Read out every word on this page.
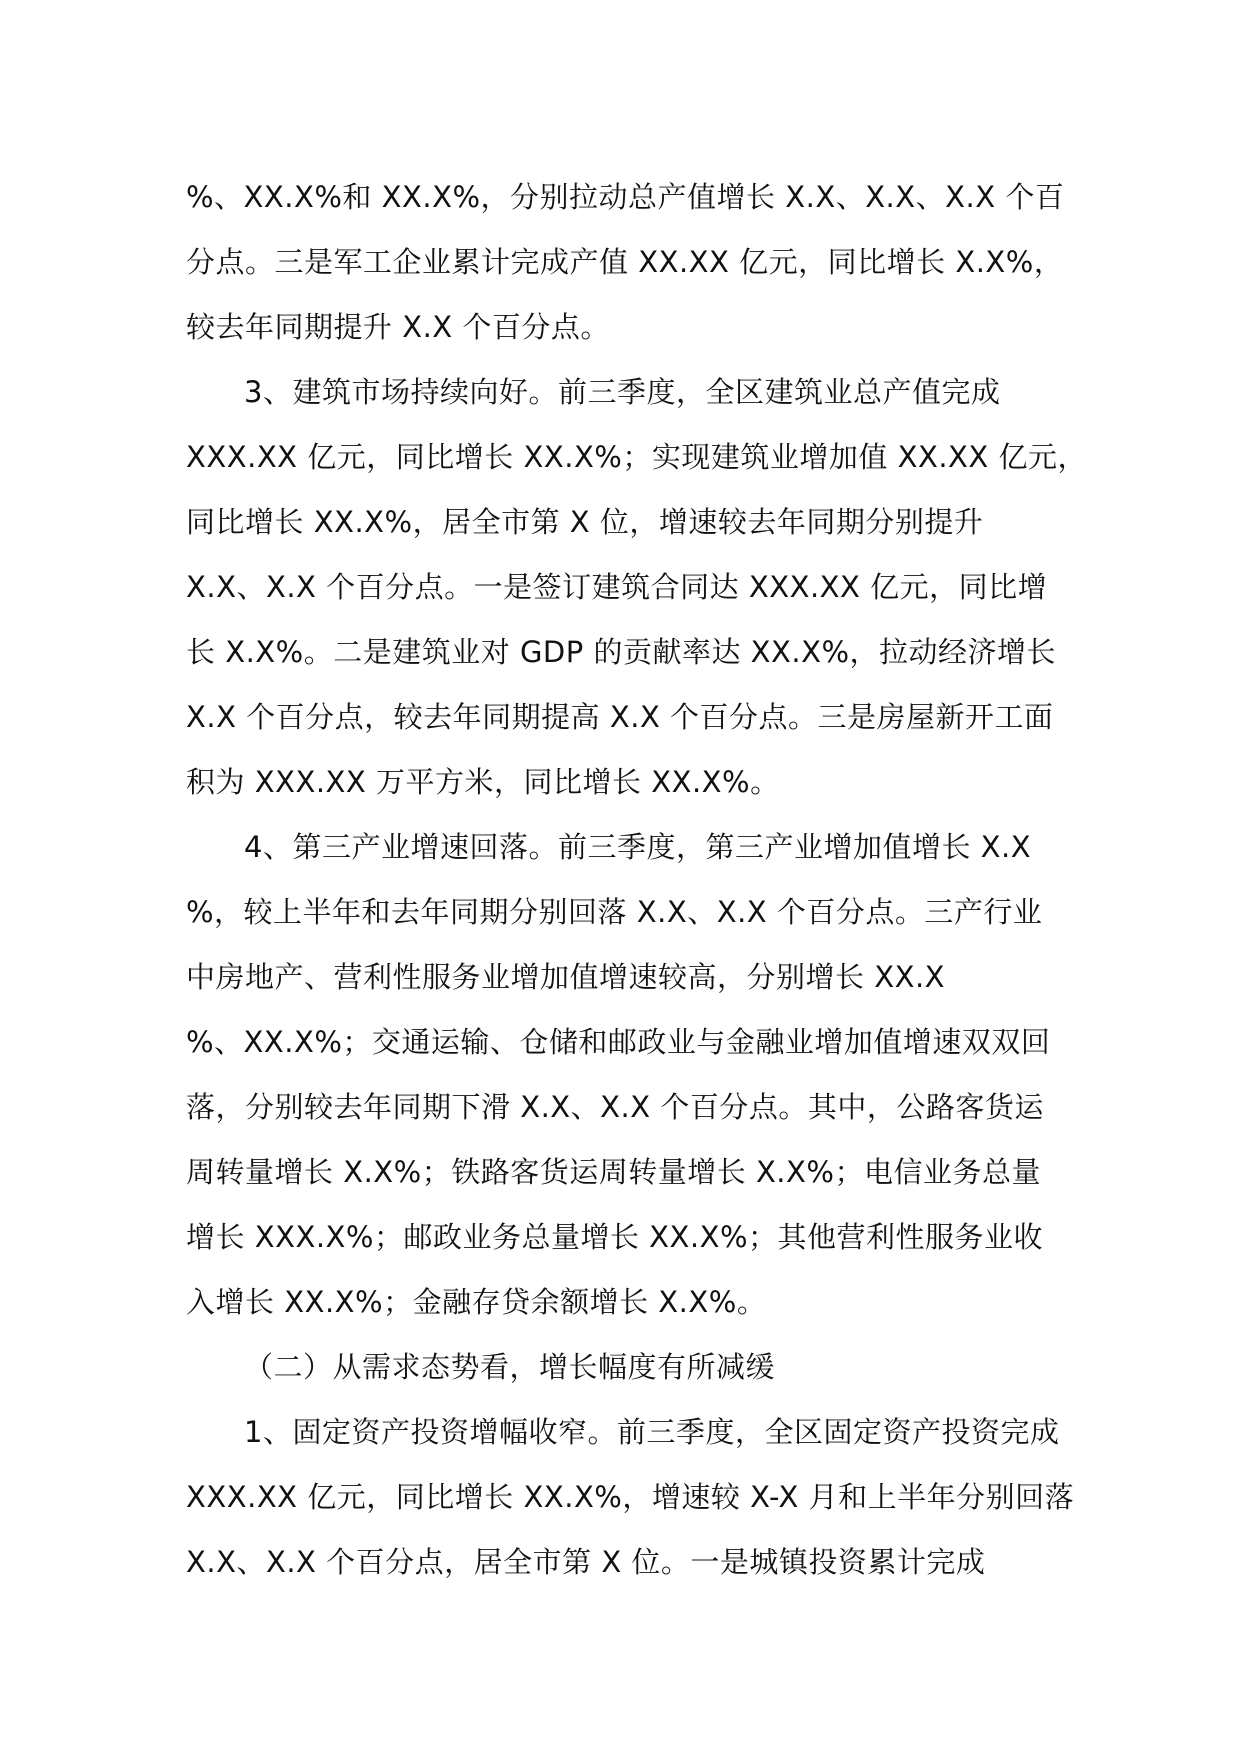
%、XX.X%和 XX.X%，分别拉动总产值增长 X.X、X.X、X.X 个百
分点。三是军工企业累计完成产值 XX.XX 亿元，同比增长 X.X%，
较去年同期提升 X.X 个百分点。
3、建筑市场持续向好。前三季度，全区建筑业总产值完成
XXX.XX 亿元，同比增长 XX.X%；实现建筑业增加值 XX.XX 亿元，
同比增长 XX.X%，居全市第 X 位，增速较去年同期分别提升
X.X、X.X 个百分点。一是签订建筑合同达 XXX.XX 亿元，同比增
长 X.X%。二是建筑业对 GDP 的贡献率达 XX.X%，拉动经济增长
X.X 个百分点，较去年同期提高 X.X 个百分点。三是房屋新开工面
积为 XXX.XX 万平方米，同比增长 XX.X%。
4、第三产业增速回落。前三季度，第三产业增加值增长 X.X
%，较上半年和去年同期分别回落 X.X、X.X 个百分点。三产行业
中房地产、营利性服务业增加值增速较高，分别增长 XX.X
%、XX.X%；交通运输、仓储和邮政业与金融业增加值增速双双回
落，分别较去年同期下滑 X.X、X.X 个百分点。其中，公路客货运
周转量增长 X.X%；铁路客货运周转量增长 X.X%；电信业务总量
增长 XXX.X%；邮政业务总量增长 XX.X%；其他营利性服务业收
入增长 XX.X%；金融存贷余额增长 X.X%。
（二）从需求态势看，增长幅度有所减缓
1、固定资产投资增幅收窄。前三季度，全区固定资产投资完成
XXX.XX 亿元，同比增长 XX.X%，增速较 X-X 月和上半年分别回落
X.X、X.X 个百分点，居全市第 X 位。一是城镇投资累计完成
